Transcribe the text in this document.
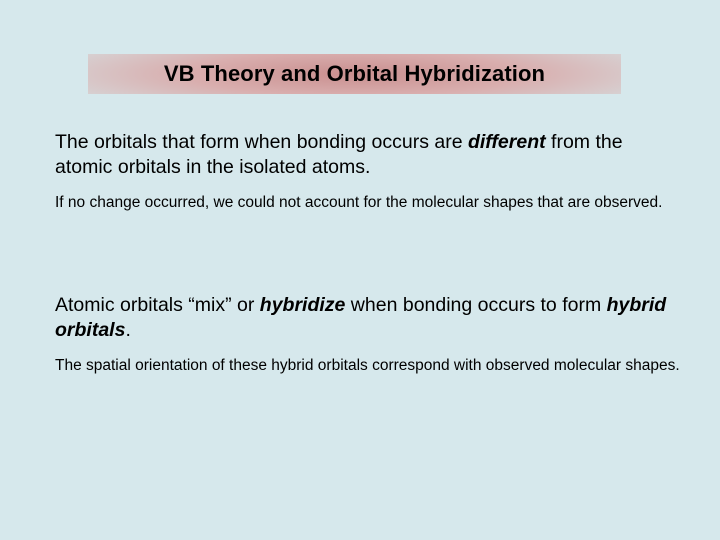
VB Theory and Orbital Hybridization
The orbitals that form when bonding occurs are different from the atomic orbitals in the isolated atoms.
If no change occurred, we could not account for the molecular shapes that are observed.
Atomic orbitals “mix” or hybridize when bonding occurs to form hybrid orbitals.
The spatial orientation of these hybrid orbitals correspond with observed molecular shapes.
